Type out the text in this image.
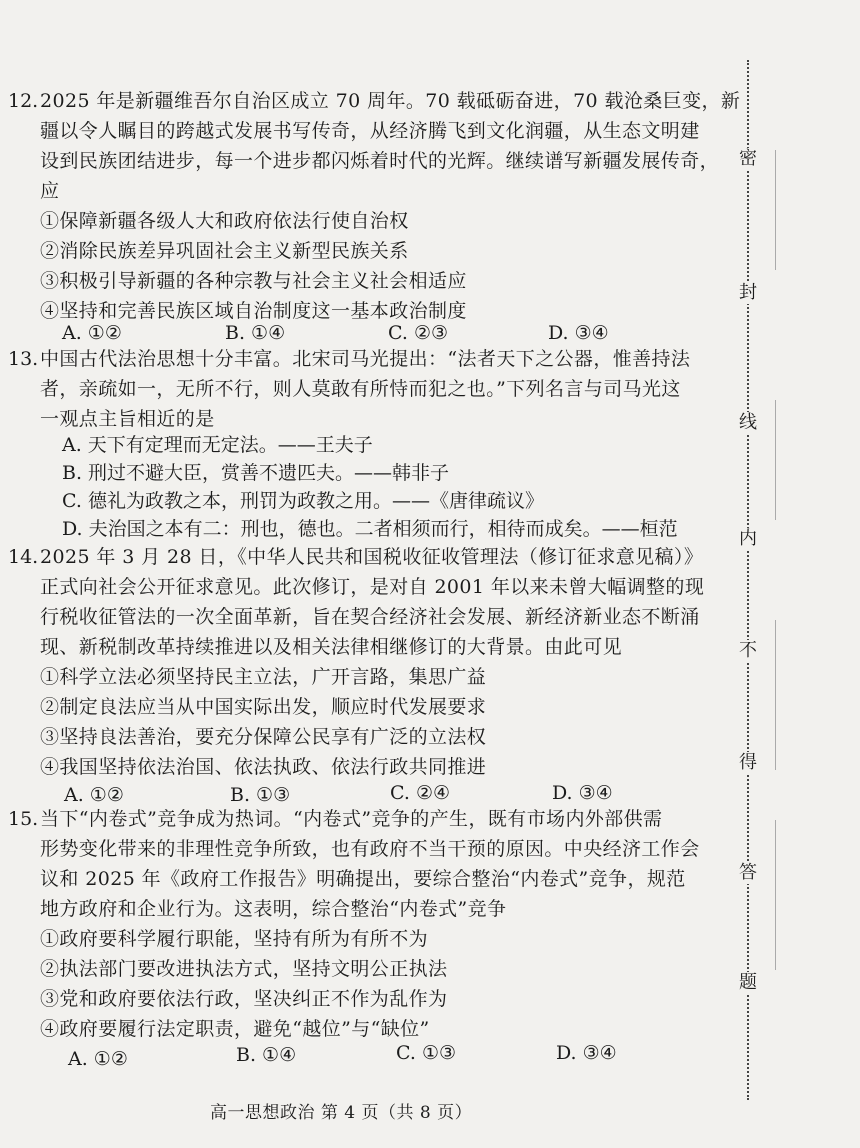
12. 2025 年是新疆维吾尔自治区成立 70 周年。70 载砥砺奋进，70 载沧桑巨变，新
疆以令人瞩目的跨越式发展书写传奇，从经济腾飞到文化润疆，从生态文明建
设到民族团结进步，每一个进步都闪烁着时代的光辉。继续谱写新疆发展传奇，
应
①保障新疆各级人大和政府依法行使自治权
②消除民族差异巩固社会主义新型民族关系
③积极引导新疆的各种宗教与社会主义社会相适应
④坚持和完善民族区域自治制度这一基本政治制度
A. ①②	B. ①④	C. ②③	D. ③④
13. 中国古代法治思想十分丰富。北宋司马光提出：“法者天下之公器，惟善持法
者，亲疏如一，无所不行，则人莫敢有所恃而犯之也。”下列名言与司马光这
一观点主旨相近的是
A. 天下有定理而无定法。——王夫子
B. 刑过不避大臣，赏善不遗匹夫。——韩非子
C. 德礼为政教之本，刑罚为政教之用。——《唐律疏议》
D. 夫治国之本有二：刑也，德也。二者相须而行，相待而成矣。——桓范
14. 2025 年 3 月 28 日，《中华人民共和国税收征收管理法（修订征求意见稿）》
正式向社会公开征求意见。此次修订，是对自 2001 年以来未曾大幅调整的现
行税收征管法的一次全面革新，旨在契合经济社会发展、新经济新业态不断涌
现、新税制改革持续推进以及相关法律相继修订的大背景。由此可见
①科学立法必须坚持民主立法，广开言路，集思广益
②制定良法应当从中国实际出发，顺应时代发展要求
③坚持良法善治，要充分保障公民享有广泛的立法权
④我国坚持依法治国、依法执政、依法行政共同推进
A. ①②	B. ①③	C. ②④	D. ③④
15. 当下“内卷式”竞争成为热词。“内卷式”竞争的产生，既有市场内外部供需
形势变化带来的非理性竞争所致，也有政府不当干预的原因。中央经济工作会
议和 2025 年《政府工作报告》明确提出，要综合整治“内卷式”竞争，规范
地方政府和企业行为。这表明，综合整治“内卷式”竞争
①政府要科学履行职能，坚持有所为有所不为
②执法部门要改进执法方式，坚持文明公正执法
③党和政府要依法行政，坚决纠正不作为乱作为
④政府要履行法定职责，避免“越位”与“缺位”
A. ①②	B. ①④	C. ①③	D. ③④
高一思想政治 第 4 页（共 8 页）
密
封
线
内
不
得
答
题
